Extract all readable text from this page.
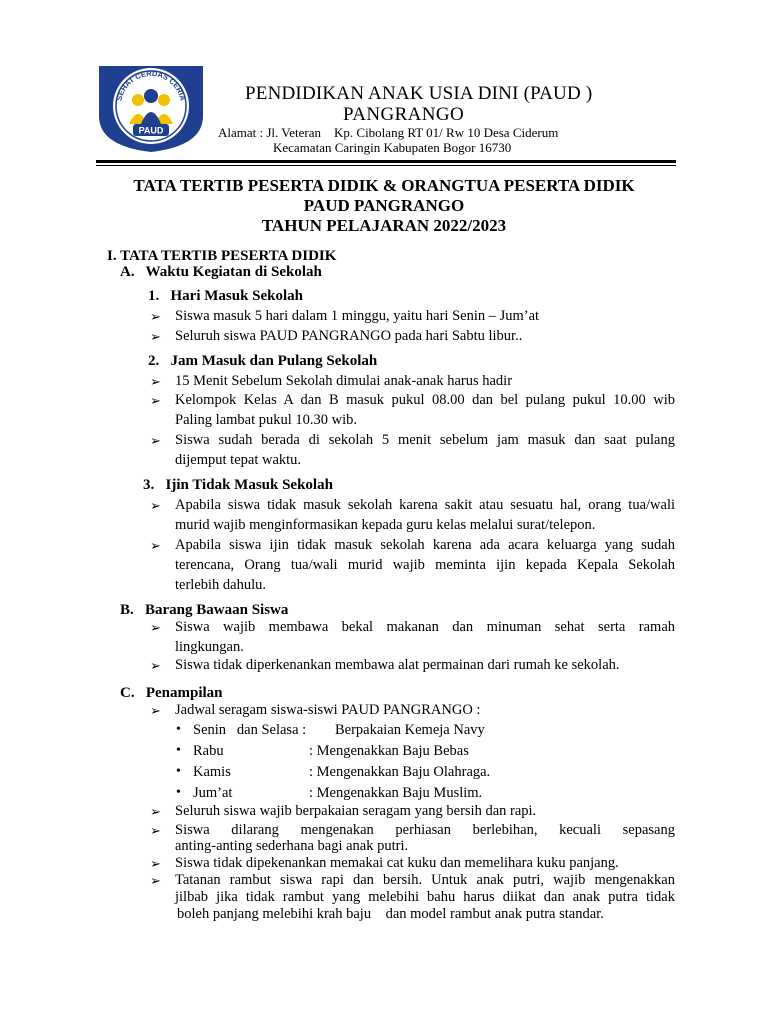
SEHAT CERDAS CERIA
PAUD

PENDIDIKAN ANAK USIA DINI (PAUD )

PANGRANGO

Alamat : Jl. Veteran    Kp. Cibolang RT 01/ Rw 10 Desa Ciderum

Kecamatan Caringin Kabupaten Bogor 16730

TATA TERTIB PESERTA DIDIK & ORANGTUA PESERTA DIDIK

PAUD PANGRANGO

TAHUN PELAJARAN 2022/2023

I. TATA TERTIB PESERTA DIDIK

A.   Waktu Kegiatan di Sekolah

1.   Hari Masuk Sekolah

➢ Siswa masuk 5 hari dalam 1 minggu, yaitu hari Senin – Jum’at

➢ Seluruh siswa PAUD PANGRANGO pada hari Sabtu libur..

2.   Jam Masuk dan Pulang Sekolah

➢ 15 Menit Sebelum Sekolah dimulai anak-anak harus hadir

➢ Kelompok Kelas A dan B masuk pukul 08.00 dan bel pulang pukul 10.00 wib

Paling lambat pukul 10.30 wib.

➢ Siswa sudah berada di sekolah 5 menit sebelum jam masuk dan saat pulang

dijemput tepat waktu.

3.   Ijin Tidak Masuk Sekolah

➢ Apabila siswa tidak masuk sekolah karena sakit atau sesuatu hal, orang tua/wali

murid wajib menginformasikan kepada guru kelas melalui surat/telepon.

➢ Apabila siswa ijin tidak masuk sekolah karena ada acara keluarga yang sudah

terencana, Orang tua/wali murid wajib meminta ijin kepada Kepala Sekolah

terlebih dahulu.

B.   Barang Bawaan Siswa

➢ Siswa wajib membawa bekal makanan dan minuman sehat serta ramah

lingkungan.

➢ Siswa tidak diperkenankan membawa alat permainan dari rumah ke sekolah.

C.   Penampilan

➢ Jadwal seragam siswa-siswi PAUD PANGRANGO :

• Senin   dan Selasa : Berpakaian Kemeja Navy

• Rabu	: Mengenakkan Baju Bebas

• Kamis	: Mengenakkan Baju Olahraga.

• Jum’at	: Mengenakkan Baju Muslim.

➢ Seluruh siswa wajib berpakaian seragam yang bersih dan rapi.

➢ Siswa dilarang mengenakan perhiasan berlebihan, kecuali sepasang

anting-anting sederhana bagi anak putri.

➢ Siswa tidak dipekenankan memakai cat kuku dan memelihara kuku panjang.

➢ Tatanan rambut siswa rapi dan bersih. Untuk anak putri, wajib mengenakkan

jilbab jika tidak rambut yang melebihi bahu harus diikat dan anak putra tidak

boleh panjang melebihi krah baju    dan model rambut anak putra standar.
